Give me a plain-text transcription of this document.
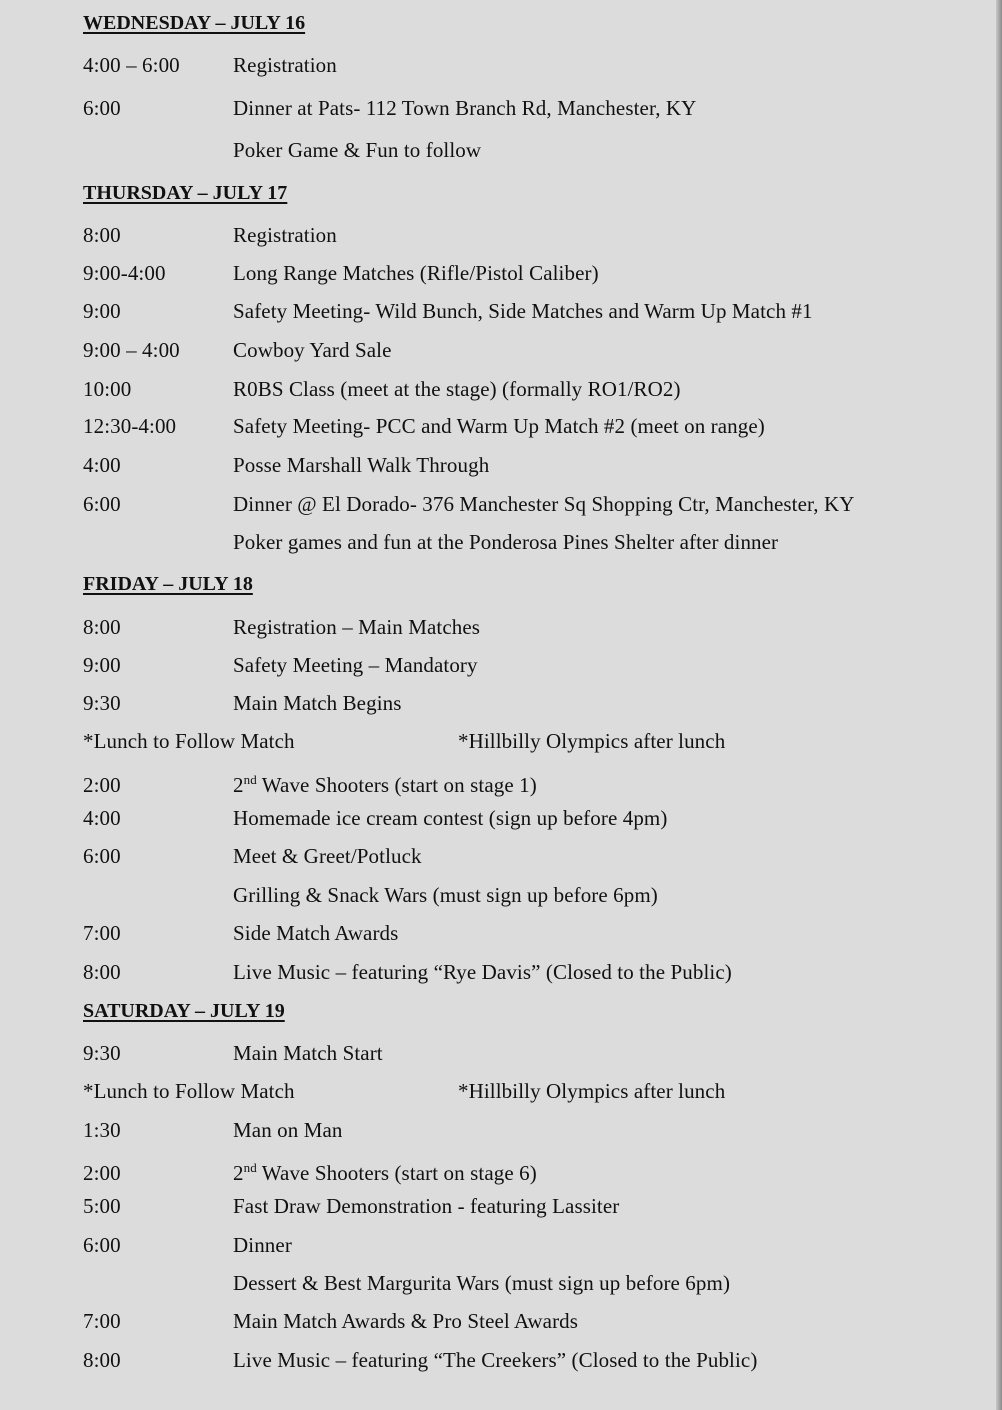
WEDNESDAY – JULY 16
4:00 – 6:00	Registration
6:00	Dinner at Pats- 112 Town Branch Rd, Manchester, KY
Poker Game & Fun to follow
THURSDAY – JULY 17
8:00	Registration
9:00-4:00	Long Range Matches (Rifle/Pistol Caliber)
9:00	Safety Meeting- Wild Bunch, Side Matches and Warm Up Match #1
9:00 – 4:00	Cowboy Yard Sale
10:00	R0BS Class (meet at the stage) (formally RO1/RO2)
12:30-4:00	Safety Meeting- PCC and Warm Up Match #2 (meet on range)
4:00	Posse Marshall Walk Through
6:00	Dinner @ El Dorado- 376 Manchester Sq Shopping Ctr, Manchester, KY
Poker games and fun at the Ponderosa Pines Shelter after dinner
FRIDAY – JULY 18
8:00	Registration – Main Matches
9:00	Safety Meeting – Mandatory
9:30	Main Match Begins
*Lunch to Follow Match	*Hillbilly Olympics after lunch
2:00	2nd Wave Shooters (start on stage 1)
4:00	Homemade ice cream contest (sign up before 4pm)
6:00	Meet & Greet/Potluck
Grilling & Snack Wars (must sign up before 6pm)
7:00	Side Match Awards
8:00	Live Music – featuring “Rye Davis” (Closed to the Public)
SATURDAY – JULY 19
9:30	Main Match Start
*Lunch to Follow Match	*Hillbilly Olympics after lunch
1:30	Man on Man
2:00	2nd Wave Shooters (start on stage 6)
5:00	Fast Draw Demonstration - featuring Lassiter
6:00	Dinner
Dessert & Best Margurita Wars (must sign up before 6pm)
7:00	Main Match Awards & Pro Steel Awards
8:00	Live Music – featuring “The Creekers” (Closed to the Public)
